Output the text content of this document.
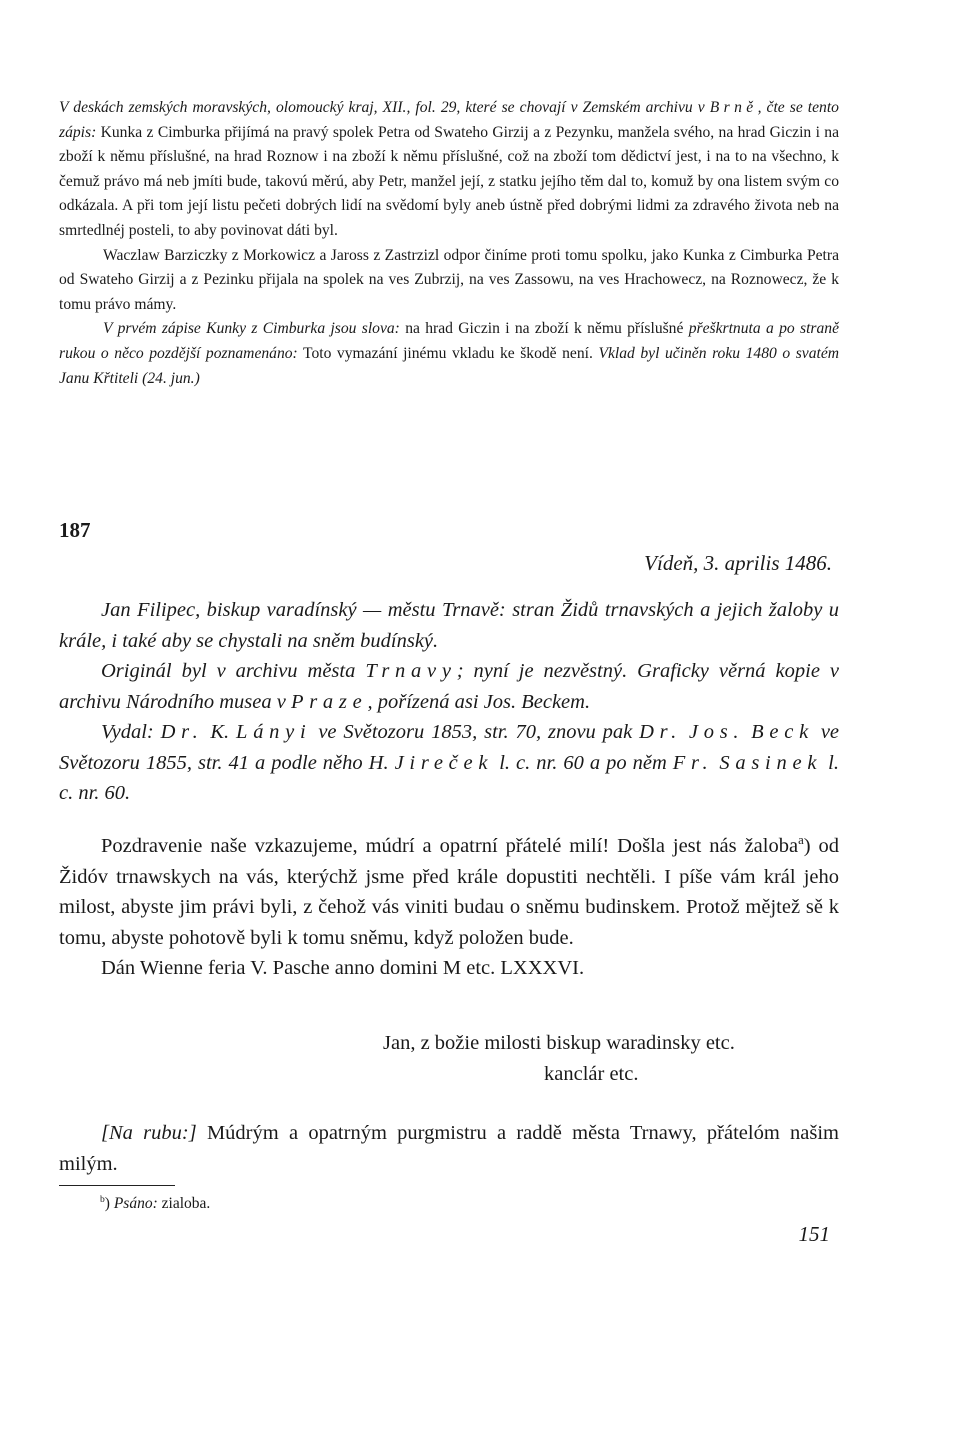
V deskách zemských moravských, olomoucký kraj, XII., fol. 29, které se chovají v Zemském archivu v Brně, čte se tento zápis: Kunka z Cimburka přijímá na pravý spolek Petra od Swateho Girzij a z Pezynku, manžela svého, na hrad Giczin i na zboží k němu příslušné, na hrad Roznow i na zboží k němu příslušné, což na zboží tom dědictví jest, i na to na všechno, k čemuž právo má neb jmíti bude, takovú měrú, aby Petr, manžel její, z statku jejího těm dal to, komuž by ona listem svým co odkázala. A při tom její listu pečeti dobrých lidí na svědomí byly aneb ústně před dobrými lidmi za zdravého života neb na smrtedlnéj posteli, to aby povinovat dáti byl.

Waczlaw Barziczky z Morkowicz a Jaross z Zastrzizl odpor činíme proti tomu spolku, jako Kunka z Cimburka Petra od Swateho Girzij a z Pezinku přijala na spolek na ves Zubrzij, na ves Zassowu, na ves Hrachowecz, na Roznowecz, že k tomu právo mámy.

V prvém zápise Kunky z Cimburka jsou slova: na hrad Giczin i na zboží k němu příslušné přeškrtnuta a po straně rukou o něco pozdější poznamenáno: Toto vymazání jinému vkladu ke škodě není. Vklad byl učiněn roku 1480 o svatém Janu Křtiteli (24. jun.)

187
Vídeň, 3. aprilis 1486.

Jan Filipec, biskup varadínský — městu Trnavě: stran Židů trnavských a jejich žaloby u krále, i také aby se chystali na sněm budínský.

Originál byl v archivu města Trnavy; nyní je nezvěstný. Graficky věrná kopie v archivu Národního musea v Praze, pořízená asi Jos. Beckem.

Vydal: Dr. K. Lányi ve Světozoru 1853, str. 70, znovu pak Dr. Jos. Beck ve Světozoru 1855, str. 41 a podle něho H. Jireček l. c. nr. 60 a po něm Fr. Sasinek l. c. nr. 60.

Pozdravenie naše vzkazujeme, múdrí a opatrní přátelé milí! Došla jest nás žaloba$^a$) od Židóv trnawskych na vás, kterýchž jsme před krále dopustiti nechtěli. I píše vám král jeho milost, abyste jim právi byli, z čehož vás viniti budau o sněmu budinskem. Protož mějtež sě k tomu, abyste pohotově byli k tomu sněmu, když položen bude.

Dán Wienne feria V. Pasche anno domini M etc. LXXXVI.

Jan, z božie milosti biskup waradinsky etc.
kanclár etc.

[Na rubu:] Múdrým a opatrným purgmistru a raddě města Trnawy, přátelóm našim milým.

$^b$) Psáno: zialoba.
151
